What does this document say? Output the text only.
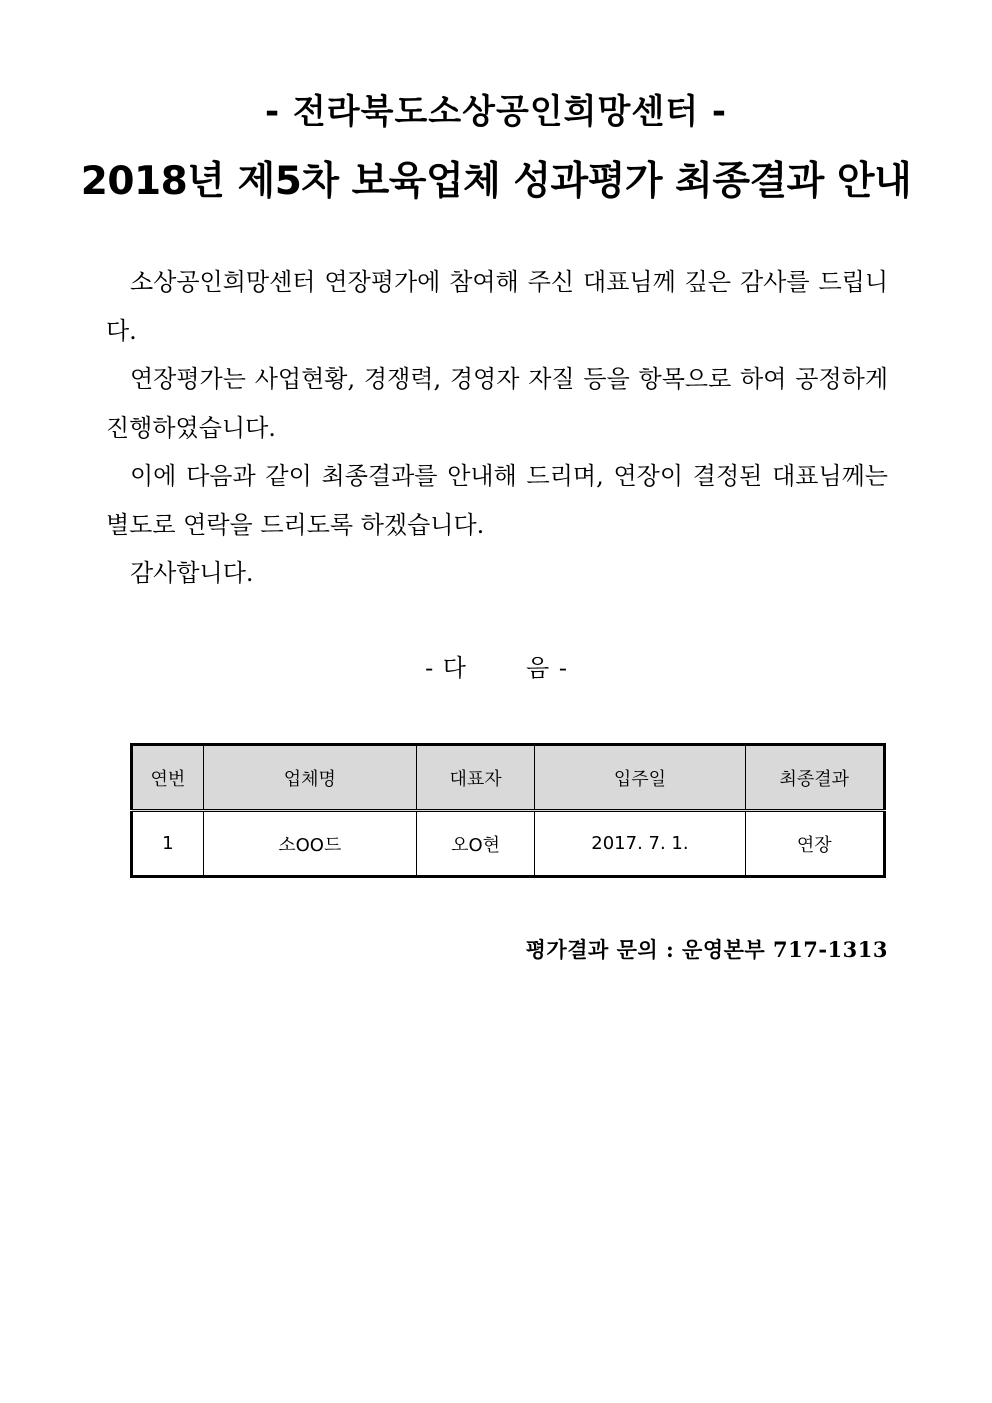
- 전라북도소상공인희망센터 -
2018년 제5차 보육업체 성과평가 최종결과 안내

소상공인희망센터 연장평가에 참여해 주신 대표님께 깊은 감사를 드립니다.

연장평가는 사업현황, 경쟁력, 경영자 자질 등을 항목으로 하여 공정하게 진행하였습니다.

이에 다음과 같이 최종결과를 안내해 드리며, 연장이 결정된 대표님께는 별도로 연락을 드리도록 하겠습니다.

감사합니다.

- 다	음 -
연번	업체명	대표자	입주일	최종결과
1	소OO드	오O현	2017. 7. 1.	연장
평가결과 문의 : 운영본부 717-1313
